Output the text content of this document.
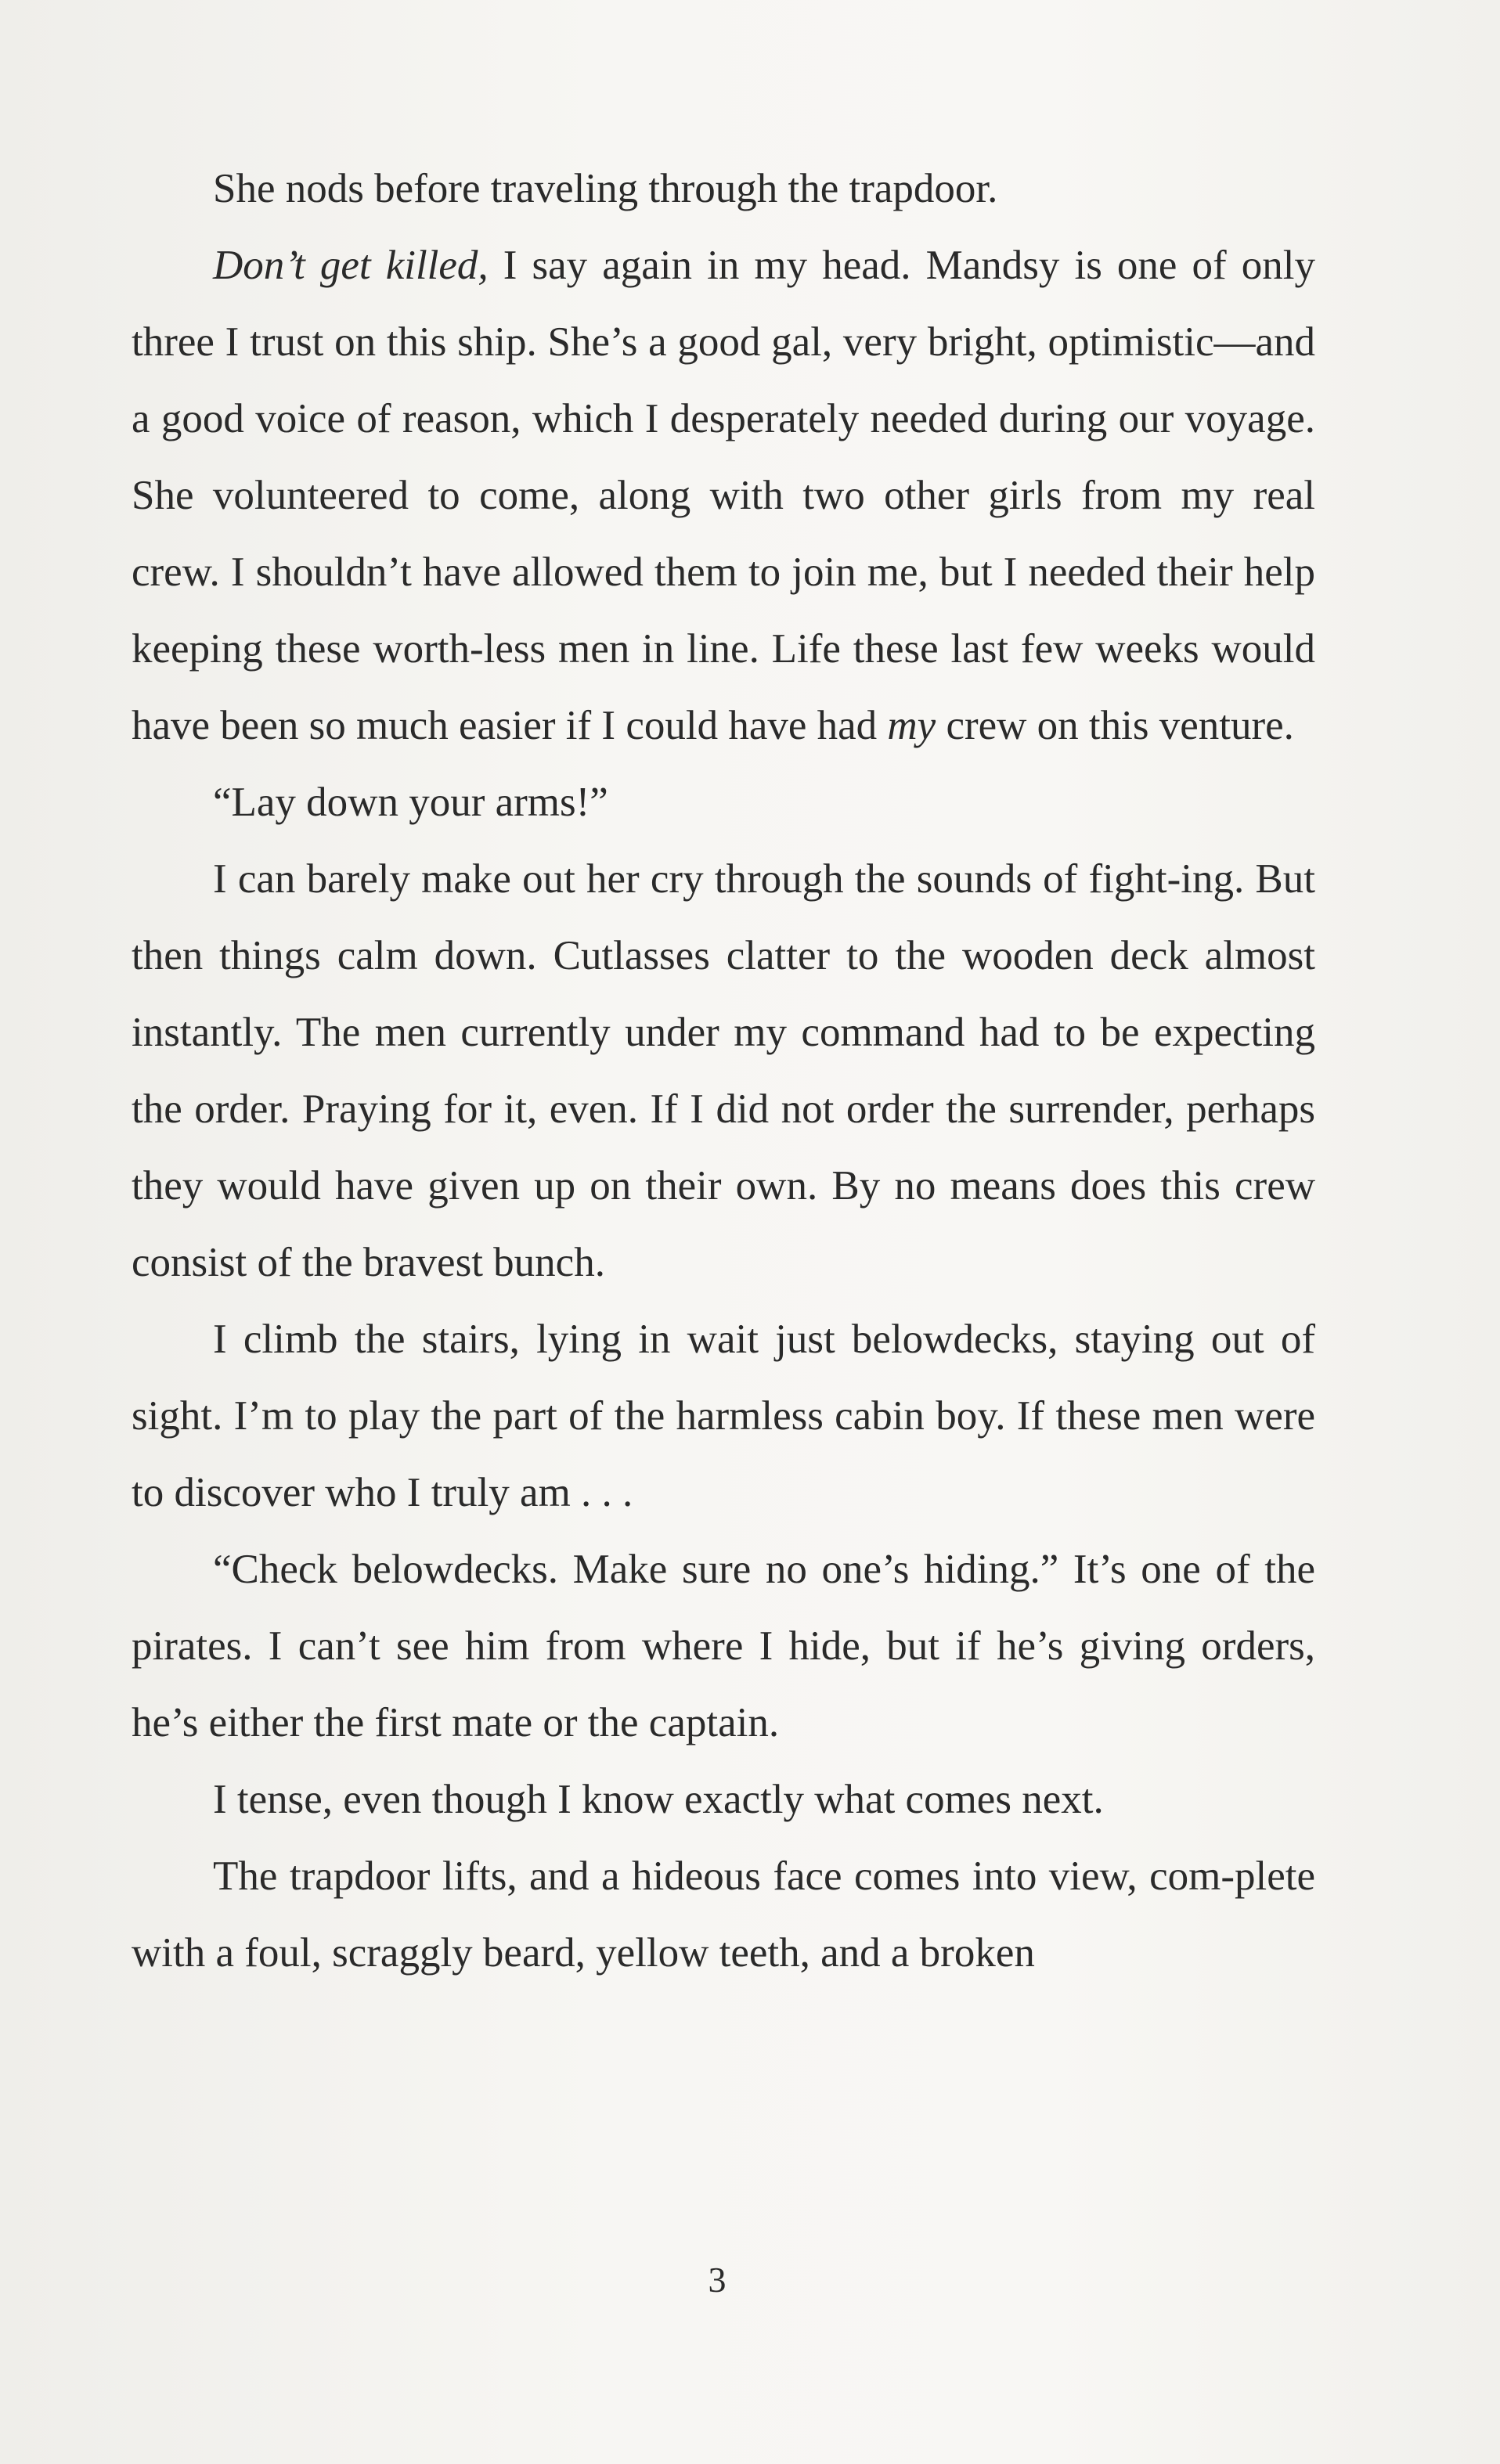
She nods before traveling through the trapdoor.

Don’t get killed, I say again in my head. Mandsy is one of only three I trust on this ship. She’s a good gal, very bright, optimistic—and a good voice of reason, which I desperately needed during our voyage. She volunteered to come, along with two other girls from my real crew. I shouldn’t have allowed them to join me, but I needed their help keeping these worth-less men in line. Life these last few weeks would have been so much easier if I could have had my crew on this venture.

“Lay down your arms!”

I can barely make out her cry through the sounds of fight-ing. But then things calm down. Cutlasses clatter to the wooden deck almost instantly. The men currently under my command had to be expecting the order. Praying for it, even. If I did not order the surrender, perhaps they would have given up on their own. By no means does this crew consist of the bravest bunch.

I climb the stairs, lying in wait just belowdecks, staying out of sight. I’m to play the part of the harmless cabin boy. If these men were to discover who I truly am . . .

“Check belowdecks. Make sure no one’s hiding.” It’s one of the pirates. I can’t see him from where I hide, but if he’s giving orders, he’s either the first mate or the captain.

I tense, even though I know exactly what comes next.

The trapdoor lifts, and a hideous face comes into view, com-plete with a foul, scraggly beard, yellow teeth, and a broken

3
